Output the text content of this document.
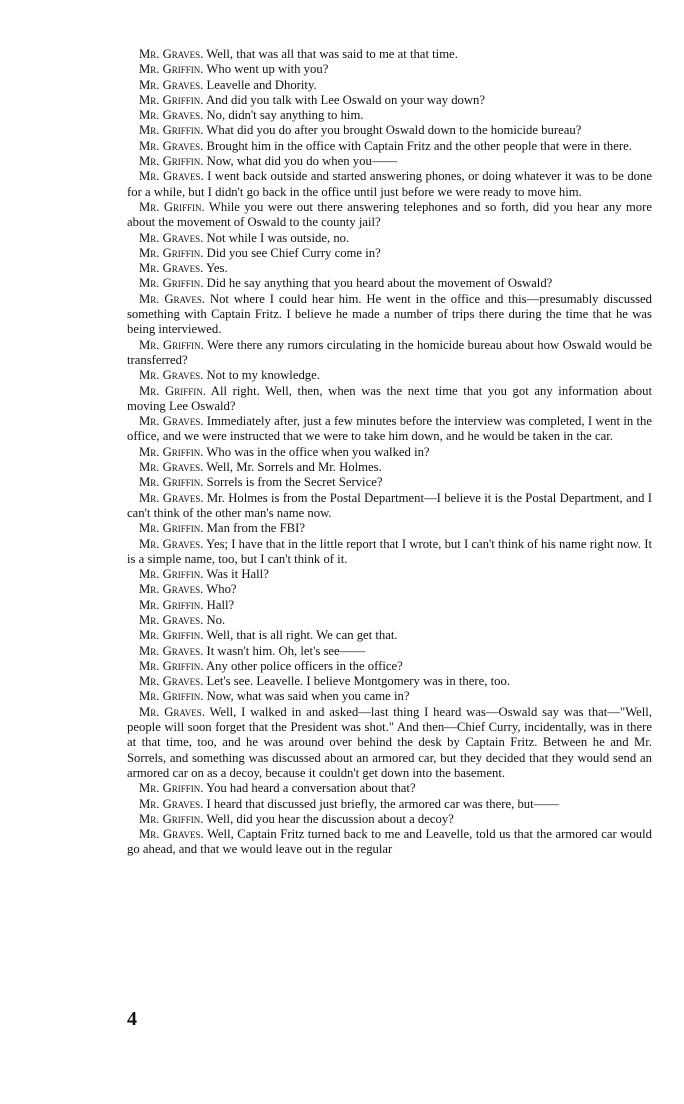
Mr. Graves. Well, that was all that was said to me at that time.

Mr. Griffin. Who went up with you?

Mr. Graves. Leavelle and Dhority.

Mr. Griffin. And did you talk with Lee Oswald on your way down?

Mr. Graves. No, didn't say anything to him.

Mr. Griffin. What did you do after you brought Oswald down to the homicide bureau?

Mr. Graves. Brought him in the office with Captain Fritz and the other people that were in there.

Mr. Griffin. Now, what did you do when you——

Mr. Graves. I went back outside and started answering phones, or doing whatever it was to be done for a while, but I didn't go back in the office until just before we were ready to move him.

Mr. Griffin. While you were out there answering telephones and so forth, did you hear any more about the movement of Oswald to the county jail?

Mr. Graves. Not while I was outside, no.

Mr. Griffin. Did you see Chief Curry come in?

Mr. Graves. Yes.

Mr. Griffin. Did he say anything that you heard about the movement of Oswald?

Mr. Graves. Not where I could hear him. He went in the office and this—presumably discussed something with Captain Fritz. I believe he made a number of trips there during the time that he was being interviewed.

Mr. Griffin. Were there any rumors circulating in the homicide bureau about how Oswald would be transferred?

Mr. Graves. Not to my knowledge.

Mr. Griffin. All right. Well, then, when was the next time that you got any information about moving Lee Oswald?

Mr. Graves. Immediately after, just a few minutes before the interview was completed, I went in the office, and we were instructed that we were to take him down, and he would be taken in the car.

Mr. Griffin. Who was in the office when you walked in?

Mr. Graves. Well, Mr. Sorrels and Mr. Holmes.

Mr. Griffin. Sorrels is from the Secret Service?

Mr. Graves. Mr. Holmes is from the Postal Department—I believe it is the Postal Department, and I can't think of the other man's name now.

Mr. Griffin. Man from the FBI?

Mr. Graves. Yes; I have that in the little report that I wrote, but I can't think of his name right now. It is a simple name, too, but I can't think of it.

Mr. Griffin. Was it Hall?

Mr. Graves. Who?

Mr. Griffin. Hall?

Mr. Graves. No.

Mr. Griffin. Well, that is all right. We can get that.

Mr. Graves. It wasn't him. Oh, let's see——

Mr. Griffin. Any other police officers in the office?

Mr. Graves. Let's see. Leavelle. I believe Montgomery was in there, too.

Mr. Griffin. Now, what was said when you came in?

Mr. Graves. Well, I walked in and asked—last thing I heard was—Oswald say was that—"Well, people will soon forget that the President was shot." And then—Chief Curry, incidentally, was in there at that time, too, and he was around over behind the desk by Captain Fritz. Between he and Mr. Sorrels, and something was discussed about an armored car, but they decided that they would send an armored car on as a decoy, because it couldn't get down into the basement.

Mr. Griffin. You had heard a conversation about that?

Mr. Graves. I heard that discussed just briefly, the armored car was there, but——

Mr. Griffin. Well, did you hear the discussion about a decoy?

Mr. Graves. Well, Captain Fritz turned back to me and Leavelle, told us that the armored car would go ahead, and that we would leave out in the regular

4
